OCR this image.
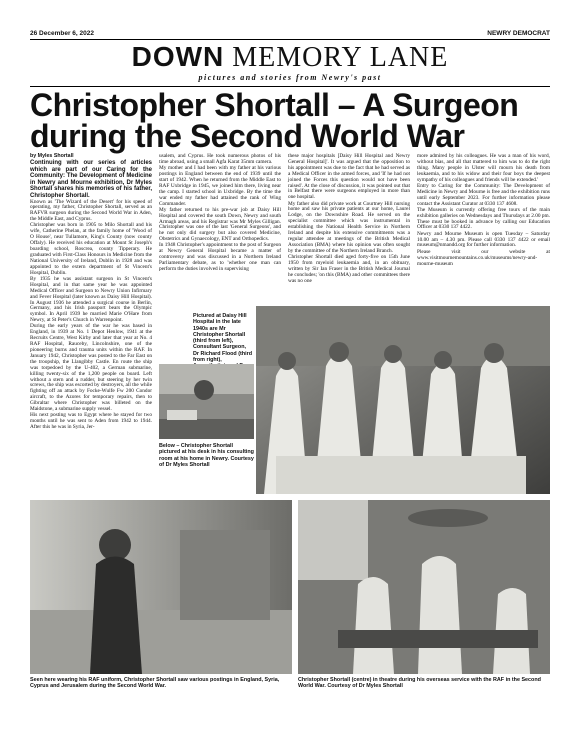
26 December 6, 2022	NEWRY DEMOCRAT
DOWN MEMORY LANE
pictures and stories from Newry's past
Christopher Shortall – A Surgeon during the Second World War

by Myles Shortall

Continuing with our series of articles which are part of our Caring for the Community: The Development of Medicine in Newry and Mourne exhibition, Dr Myles Shortall shares his memories of his father, Christopher Shortall.

Known as 'The Wizard of the Desert' for his speed of operating, my father, Christopher Shortall, served as an RAFVR surgeon during the Second World War in Aden, the Middle East, and Cyprus.

Christopher was born in 1905 to Milo Shortall and his wife, Catherine Phelan, at the family home of 'Wood of O House', near Tullamore, King's County (now county Offaly). He received his education at Mount St Joseph's boarding school, Roscrea, county Tipperary. He graduated with First-Class Honours in Medicine from the National University of Ireland, Dublin in 1928 and was appointed to the extern department of St Vincent's Hospital, Dublin.

By 1935 he was assistant surgeon in St Vincent's Hospital, and in that same year he was appointed Medical Officer and Surgeon to Newry Union Infirmary and Fever Hospital (later known as Daisy Hill Hospital). In August 1936 he attended a surgical course in Berlin, Germany, and his Irish passport bears the Olympic symbol. In April 1939 he married Marie O'Hare from Newry, at St Peter's Church in Warrenpoint.

During the early years of the war he was based in England, in 1939 at No. 1 Depot Henlow, 1941 at the Recruits Centre, West Kirby and later that year at No. 4 RAF Hospital, Rauceby, Lincolnshire, one of the pioneering burns and trauma units within the RAF. In January 1942, Christopher was posted to the Far East on the troopship, the Llangibby Castle. En route the ship was torpedoed by the U-402, a German submarine, killing twenty-six of the 1,200 people on board. Left without a stern and a rudder, but steering by her twin screws, the ship was escorted by destroyers, all the while fighting off an attack by Focke-Wulfe Fw 200 Condor aircraft, to the Azores for temporary repairs, then to Gibraltar where Christopher was billeted on the Maidstone, a submarine supply vessel.

His next posting was to Egypt where he stayed for two months until he was sent to Aden from 1942 to 1944. After this he was in Syria, Jer-

usalem, and Cyprus. He took numerous photos of his time abroad, using a small Agfa Karat 35mm camera.

My mother and I had been with my father at his various postings in England between the end of 1939 until the start of 1942. When he returned from the Middle East to RAF Uxbridge in 1945, we joined him there, living near the camp. I started school in Uxbridge. By the time the war ended my father had attained the rank of Wing Commander.

My father returned to his pre-war job at Daisy Hill Hospital and covered the south Down, Newry and south Armagh areas, and his Registrar was Mr Myles Gilligan. Christopher was one of the last 'General Surgeons', and he not only did surgery but also covered Medicine, Obstetrics and Gynaecology, ENT and Orthopedics.

In 1948 Christopher's appointment to the post of Surgeon at Newry General Hospital became a matter of controversy and was discussed in a Northern Ireland Parliamentary debate, as to 'whether one man can perform the duties involved in supervising

these major hospitals [Daisy Hill Hospital and Newry General Hospital]'. It was argued that the opposition to his appointment was due to the fact that he had served as a Medical Officer in the armed forces, and 'If he had not joined the Forces this question would not have been raised'. At the close of discussion, it was pointed out that in Belfast there were surgeons employed in more than one hospital.

My father also did private work at Courtney Hill nursing home and saw his private patients at our home, Laurel Lodge, on the Downshire Road. He served on the specialist committee which was instrumental in establishing the National Health Service in Northern Ireland and despite his extensive commitments was a regular attendee at meetings of the British Medical Association (BMA) where his opinion was often sought by the committee of the Northern Ireland Branch.

Christopher Shortall died aged forty-five on 15th June 1950 from myeloid leukaemia and, in an obituary, written by Sir Ian Fraser in the British Medical Journal he concludes; 'on this (BMA) and other committees there was no one

more admired by his colleagues. He was a man of his word, without bias, and all that mattered to him was to do the right thing. Many people in Ulster will mourn his death from leukaemia, and to his widow and their four boys the deepest sympathy of his colleagues and friends will be extended.'

Entry to Caring for the Community: The Development of Medicine in Newry and Mourne is free and the exhibition runs until early September 2023. For further information please contact the Assistant Curator at 0330 137 4608.

The Museum is currently offering free tours of the main exhibition galleries on Wednesdays and Thursdays at 2.00 pm. These must be booked in advance by calling our Education Officer at 0330 137 4422.

Newry and Mourne Museum is open Tuesday – Saturday 10.00 am – 4.30 pm. Please call 0330 137 4422 or email museum@nmandd.org for further information.

Please visit our website at www.visitmournemountains.co.uk/museums/newry-and-mourne-museum

Pictured at Daisy Hill Hospital in the late 1940s are Mr Christopher Shortall (third from left), Consultant Surgeon, Dr Richard Flood (third from right),
Below – Christopher Shortall pictured at his desk in his consulting room at his home in Newry. Courtesy of Dr Myles Shortall
Seen here wearing his RAF uniform, Christopher Shortall saw various postings in England, Syria, Cyprus and Jerusalem during the Second World War.
Christopher Shortall (centre) in theatre during his overseas service with the RAF in the Second World War. Courtesy of Dr Myles Shortall
